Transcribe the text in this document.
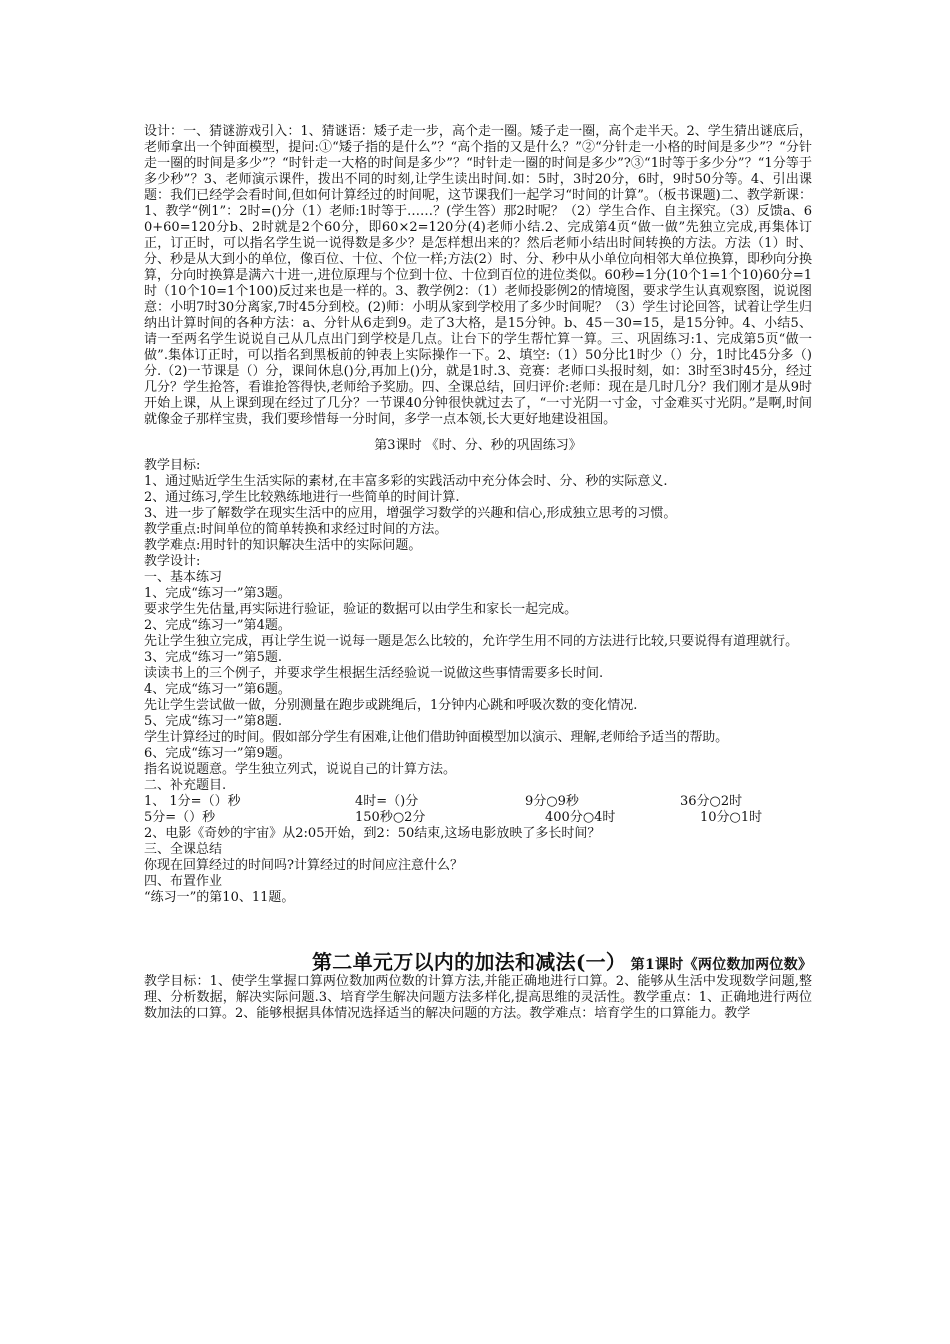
设计：一、猜谜游戏引入：1、猜谜语：矮子走一步，高个走一圈。矮子走一圈，高个走半天。2、学生猜出谜底后，老师拿出一个钟面模型，提问:①“矮子指的是什么”？“高个指的又是什么？”②“分针走一小格的时间是多少”？“分针走一圈的时间是多少”？“时针走一大格的时间是多少”？“时针走一圈的时间是多少”?③“1时等于多少分”？“1分等于多少秒”？3、老师演示课件，拨出不同的时刻,让学生读出时间.如：5时，3时20分，6时，9时50分等。4、引出课题：我们已经学会看时间,但如何计算经过的时间呢，这节课我们一起学习“时间的计算”。（板书课题)二、教学新课：1、教学“例1”：2时=()分（1）老师:1时等于……？(学生答）那2时呢？（2）学生合作、自主探究。（3）反馈a、60+60=120分b、2时就是2个60分，即60×2=120分(4)老师小结.2、完成第4页“做一做”先独立完成,再集体订正，订正时，可以指名学生说一说得数是多少？是怎样想出来的？然后老师小结出时间转换的方法。方法（1）时、分、秒是从大到小的单位，像百位、十位、个位一样;方法(2）时、分、秒中从小单位向相邻大单位换算，即秒向分换算，分向时换算是满六十进一,进位原理与个位到十位、十位到百位的进位类似。60秒=1分(10个1=1个10)60分=1时（10个10=1个100)反过来也是一样的。3、教学例2：（1）老师投影例2的情境图，要求学生认真观察图，说说图意：小明7时30分离家,7时45分到校。(2)师：小明从家到学校用了多少时间呢？（3）学生讨论回答，试着让学生归纳出计算时间的各种方法：a、分针从6走到9。走了3大格，是15分钟。b、45－30=15，是15分钟。4、小结5、请一至两名学生说说自己从几点出门到学校是几点。让台下的学生帮忙算一算。三、巩固练习:1、完成第5页“做一做”.集体订正时，可以指名到黑板前的钟表上实际操作一下。2、填空:（1）50分比1时少（）分，1时比45分多（)分.（2)一节课是（）分，课间休息()分,再加上()分，就是1时.3、竞赛：老师口头报时刻，如：3时至3时45分，经过几分？学生抢答，看谁抢答得快,老师给予奖励。四、全课总结，回归评价:老师：现在是几时几分？我们刚才是从9时开始上课，从上课到现在经过了几分？一节课40分钟很快就过去了，“一寸光阴一寸金，寸金难买寸光阴。”是啊,时间就像金子那样宝贵，我们要珍惜每一分时间，多学一点本领,长大更好地建设祖国。

第3课时 《时、分、秒的巩固练习》

教学目标:

1、通过贴近学生生活实际的素材,在丰富多彩的实践活动中充分体会时、分、秒的实际意义.

2、通过练习,学生比较熟练地进行一些简单的时间计算.

3、进一步了解数学在现实生活中的应用，增强学习数学的兴趣和信心,形成独立思考的习惯。

教学重点:时间单位的简单转换和求经过时间的方法。

教学难点:用时针的知识解决生活中的实际问题。

教学设计:

一、基本练习

1、完成“练习一”第3题。

要求学生先估量,再实际进行验证，验证的数据可以由学生和家长一起完成。

2、完成“练习一”第4题。

先让学生独立完成，再让学生说一说每一题是怎么比较的，允许学生用不同的方法进行比较,只要说得有道理就行。

3、完成“练习一”第5题.

读读书上的三个例子，并要求学生根据生活经验说一说做这些事情需要多长时间.

4、完成“练习一”第6题。

先让学生尝试做一做，分别测量在跑步或跳绳后，1分钟内心跳和呼吸次数的变化情况.

5、完成“练习一”第8题.

学生计算经过的时间。假如部分学生有困难,让他们借助钟面模型加以演示、理解,老师给予适当的帮助。

6、完成“练习一”第9题。

指名说说题意。学生独立列式，说说自己的计算方法。

二、补充题目.

1、 1分=（）秒	4时=（)分	9分○9秒	36分○2时
5分=（）秒	150秒○2分	400分○4时	10分○1时

2、电影《奇妙的宇宙》从2:05开始，到2：50结束,这场电影放映了多长时间？

三、全课总结

你现在回算经过的时间吗?计算经过的时间应注意什么？

四、布置作业

“练习一”的第10、11题。

第二单元万以内的加法和减法(一） 第1课时《两位数加两位数》教学目标：1、使学生掌握口算两位数加两位数的计算方法,并能正确地进行口算。2、能够从生活中发现数学问题,整理、分析数据，解决实际问题.3、培育学生解决问题方法多样化,提高思维的灵活性。教学重点：1、正确地进行两位数加法的口算。2、能够根据具体情况选择适当的解决问题的方法。教学难点：培育学生的口算能力。教学
